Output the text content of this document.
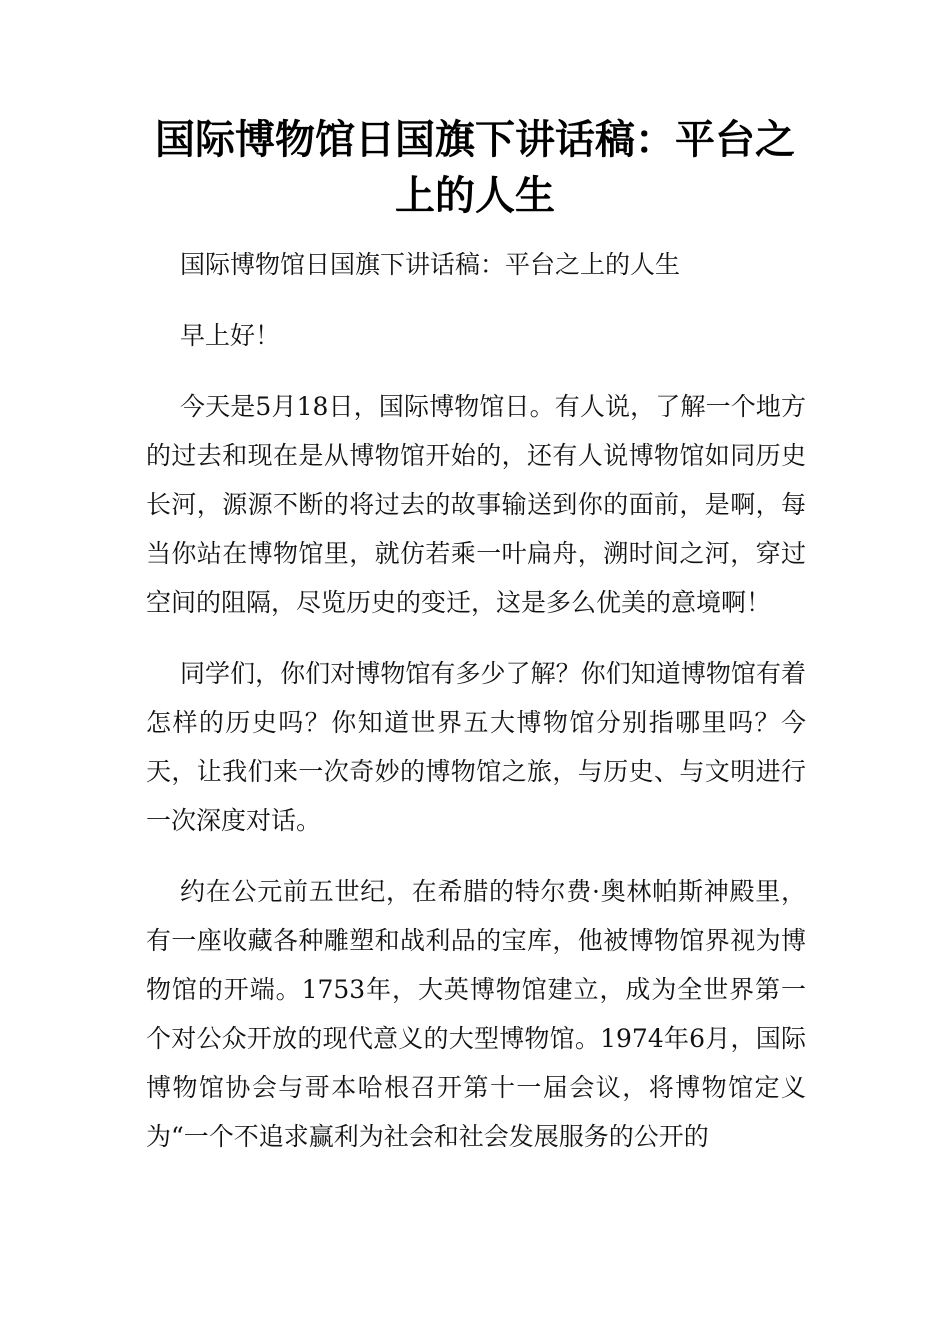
国际博物馆日国旗下讲话稿：平台之上的人生

国际博物馆日国旗下讲话稿：平台之上的人生

早上好！

今天是5月18日，国际博物馆日。有人说，了解一个地方的过去和现在是从博物馆开始的，还有人说博物馆如同历史长河，源源不断的将过去的故事输送到你的面前，是啊，每当你站在博物馆里，就仿若乘一叶扁舟，溯时间之河，穿过空间的阻隔，尽览历史的变迁，这是多么优美的意境啊！

同学们，你们对博物馆有多少了解？你们知道博物馆有着怎样的历史吗？你知道世界五大博物馆分别指哪里吗？今天，让我们来一次奇妙的博物馆之旅，与历史、与文明进行一次深度对话。

约在公元前五世纪，在希腊的特尔费·奥林帕斯神殿里，有一座收藏各种雕塑和战利品的宝库，他被博物馆界视为博物馆的开端。1753年，大英博物馆建立，成为全世界第一个对公众开放的现代意义的大型博物馆。1974年6月，国际博物馆协会与哥本哈根召开第十一届会议，将博物馆定义为“一个不追求赢利为社会和社会发展服务的公开的
